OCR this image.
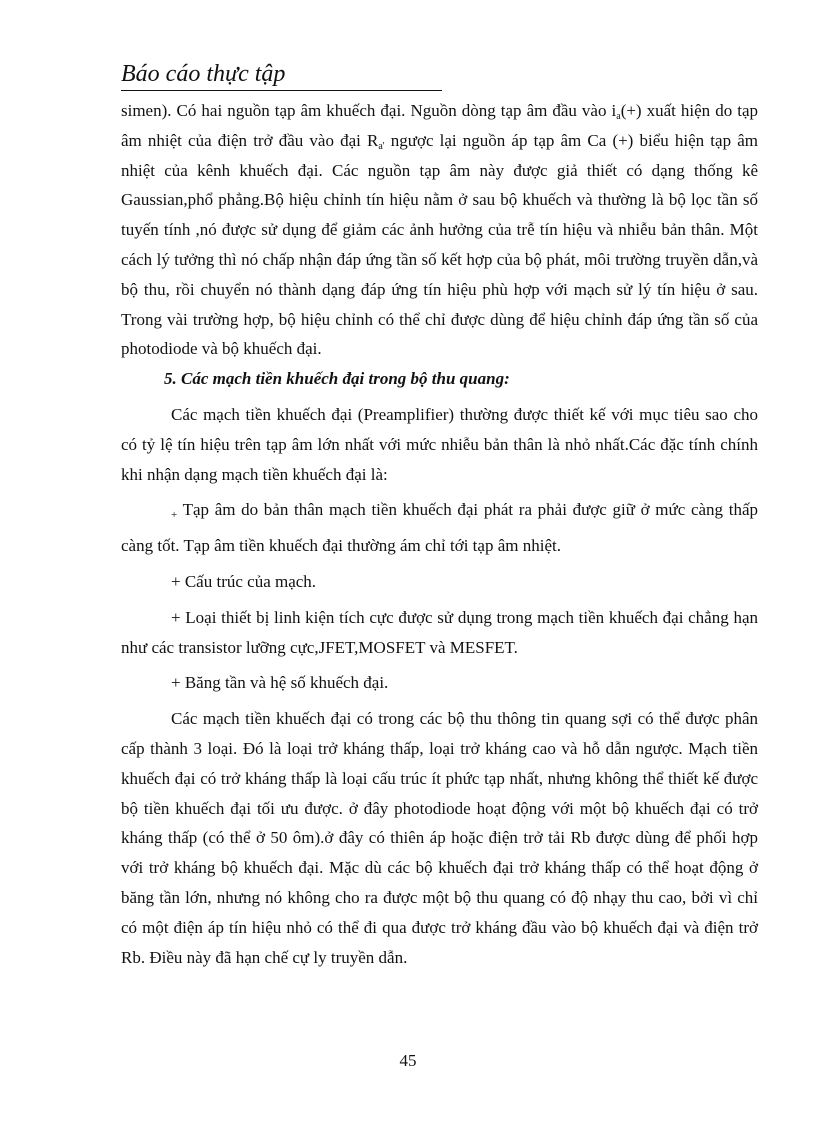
Báo cáo thực tập

simen). Có hai nguồn tạp âm khuếch đại. Nguồn dòng tạp âm đầu vào $i_a(+)$ xuất hiện do tạp âm nhiệt của điện trở đầu vào đại $R_{a'}$ ngược lại nguồn áp tạp âm Ca (+) biểu hiện tạp âm nhiệt của kênh khuếch đại. Các nguồn tạp âm này được giả thiết có dạng thống kê Gaussian,phổ phẳng.Bộ hiệu chỉnh tín hiệu nằm ở sau bộ khuếch và thường là bộ lọc tần số tuyến tính ,nó được sử dụng để giảm các ảnh hưởng của trễ tín hiệu và nhiễu bản thân. Một cách lý tưởng thì nó chấp nhận đáp ứng tần số kết hợp của bộ phát, môi trường truyền dẫn,và bộ thu, rồi chuyển nó thành dạng đáp ứng tín hiệu phù hợp với mạch sử lý tín hiệu ở sau. Trong vài trường hợp, bộ hiệu chỉnh có thể chỉ được dùng để hiệu chỉnh đáp ứng tần số của photodiode và bộ khuếch đại.

5. Các mạch tiền khuếch đại trong bộ thu quang:

Các mạch tiền khuếch đại (Preamplifier) thường được thiết kế với mục tiêu sao cho có tỷ lệ tín hiệu trên tạp âm lớn nhất với mức nhiễu bản thân là nhỏ nhất.Các đặc tính chính khi nhận dạng mạch tiền khuếch đại là:

+ Tạp âm do bản thân mạch tiền khuếch đại phát ra phải được giữ ở mức càng thấp càng tốt. Tạp âm tiền khuếch đại thường ám chỉ tới tạp âm nhiệt.

+ Cấu trúc của mạch.

+ Loại thiết bị linh kiện tích cực được sử dụng trong mạch tiền khuếch đại chẳng hạn như các transistor lưỡng cực,JFET,MOSFET và MESFET.

+ Băng tần và hệ số khuếch đại.

Các mạch tiền khuếch đại có trong các bộ thu thông tin quang sợi có thể được phân cấp thành 3 loại. Đó là loại trở kháng thấp, loại trở kháng cao và hỗ dẫn ngược. Mạch tiền khuếch đại có trở kháng thấp là loại cấu trúc ít phức tạp nhất, nhưng không thể thiết kế được bộ tiền khuếch đại tối ưu được. ở đây photodiode hoạt động với một bộ khuếch đại có trở kháng thấp (có thể ở 50 ôm).ở đây có thiên áp hoặc điện trở tải Rb được dùng để phối hợp với trở kháng bộ khuếch đại. Mặc dù các bộ khuếch đại trở kháng thấp có thể hoạt động ở băng tần lớn, nhưng nó không cho ra được một bộ thu quang có độ nhạy thu cao, bởi vì chỉ có một điện áp tín hiệu nhỏ có thể đi qua được trở kháng đầu vào bộ khuếch đại và điện trở Rb. Điều này đã hạn chế cự ly truyền dẫn.

45
